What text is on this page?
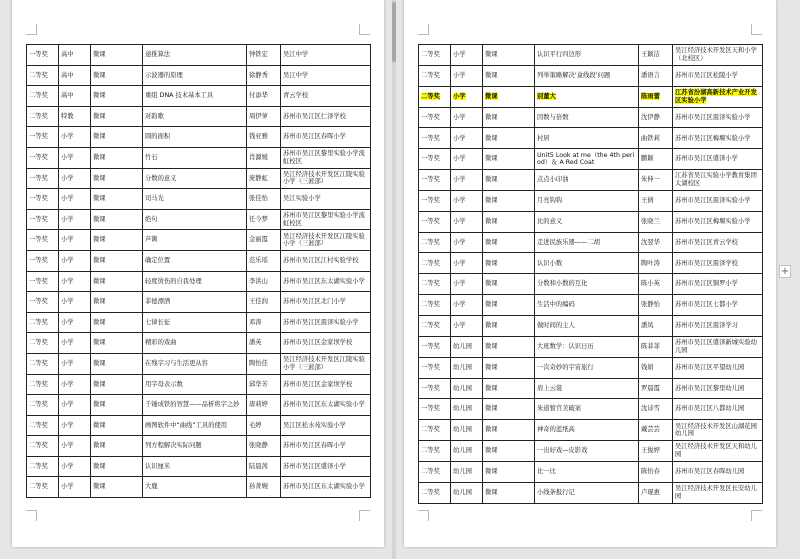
一等奖	高中	微课	递推算法	钟铁宏	吴江中学
二等奖	高中	微课	示波器的原理	徐静秀	吴江中学
二等奖	高中	微课	重组 DNA 技术基本工具	付添华	青云学校
二等奖	特教	微课	对韵歌	周伊萝	苏州市吴江区仁泽学校
一等奖	小学	微课	圆的面积	钱亚雅	苏州市吴江区春晖小学
一等奖	小学	微课	竹石	肖源媛	苏州市吴江区黎里实验小学流虹校区
一等奖	小学	微课	分数的意义	庞静虹	吴江经济技术开发区江陵实验小学（三淞部）
一等奖	小学	微课	司马光	张佳怡	吴江实验小学
一等奖	小学	微课	绝句	任今梦	苏州市吴江区黎里实验小学流虹校区
一等奖	小学	微课	芦篱	金丽霞	吴江经济技术开发区江陵实验小学（三淞部）
一等奖	小学	微课	确定位置	范乐瑶	苏州市吴江区江村实验学校
一等奖	小学	微课	轻度烫伤的自我处理	李洪山	苏州市吴江区东太湖实验小学
一等奖	小学	微课	菲德漂洒	王佳润	苏州市吴江区北门小学
二等奖	小学	微课	七律长征	邓涛	苏州市吴江区震泽实验小学
二等奖	小学	微课	精彩的戏曲	潘英	苏州市吴江区金家坝学校
二等奖	小学	微课	在残字习与生活更从容	陶怡佳	吴江经济技术开发区江陵实验小学（三淞部）
二等奖	小学	微课	用字母表示数	邱华芳	苏州市吴江区金家坝学校
二等奖	小学	微课	千锤成铁的智慧——品析将字之妙	唐莉婷	苏州市吴江区东太湖实验小学
二等奖	小学	微课	画图软件中“曲线”工具的使用	毛婷	吴江区松水苑实验小学
二等奖	小学	微课	列方程解决实际问题	张晓静	苏州市吴江区春晖小学
二等奖	小学	微课	认识厘米	陆晨茜	苏州市吴江区盛泽小学
二等奖	小学	微课	大鹿	孙菁婉	苏州市吴江区东太湖实验小学
二等奖	小学	微课	认识平行四边形	王颖洁	吴江经济技术开发区天和小学（北校区）
二等奖	小学	微课	列举策略解决‘盒线段’问题	潘语言	苏州市吴江区松陵小学
二等奖	小学	微课	别董大	陈雨蕾	江苏省汾湖高新技术产业开发区实验小学
一等奖	小学	微课	因数与倍数	沈伊静	苏州市吴江区震泽实验小学
一等奖	小学	微课	村居	曲铁莉	苏州市吴江区梅堰实验小学
一等奖	小学	微课	Unit5 Look at me（the 4th period）＆ A Red Coat	鹏颖	苏州市吴江区盛泽小学
一等奖	小学	微课	点点小印油	朱伸一	江苏省吴江实验小学教育集团太湖校区
一等奖	小学	微课	月亮钩钩	王倩	苏州市吴江区震泽实验小学
一等奖	小学	微课	比的意义	张晓兰	苏州市吴江区梅堰实验小学
二等奖	小学	微课	走进民族乐器——二胡	沈翌华	苏州市吴江区青云学校
二等奖	小学	微课	认识小数	陶叶涛	苏州市吴江区震泽学校
二等奖	小学	微课	分数和小数的互化	陈小英	苏州市吴江区铜罗小学
二等奖	小学	微课	生活中的编码	张静怡	苏州市吴江区七都小学
二等奖	小学	微课	做时间的主人	潘凤	苏州市吴江区震泽学习
一等奖	幼儿园	微课	大班数学：认识日历	陈菲菲	苏州市吴江区盛泽新城实验幼儿园
一等奖	幼儿园	微课	一次奇妙的宇宙旅行	钱娟	苏州市吴江区平望幼儿园
一等奖	幼儿园	微课	肩上云裳	罗晨霞	苏州市吴江区黎里幼儿园
一等奖	幼儿园	微课	朱道暂宫美破案	沈诗雪	苏州市吴江区八都幼儿园
二等奖	幼儿园	微课	神奇的蓝纸高	戴芸芸	吴江经济技术开发区山湖花园幼儿园
二等奖	幼儿园	微课	一出好戏—皮影戏	王俊婷	吴江经济技术开发区天和幼儿园
二等奖	幼儿园	微课	比一比	陈怡春	苏州市吴江区春晖幼儿园
二等奖	幼儿园	微课	小线条报行记	卢琨惠	吴江经济技术开发区长安幼儿园
+
